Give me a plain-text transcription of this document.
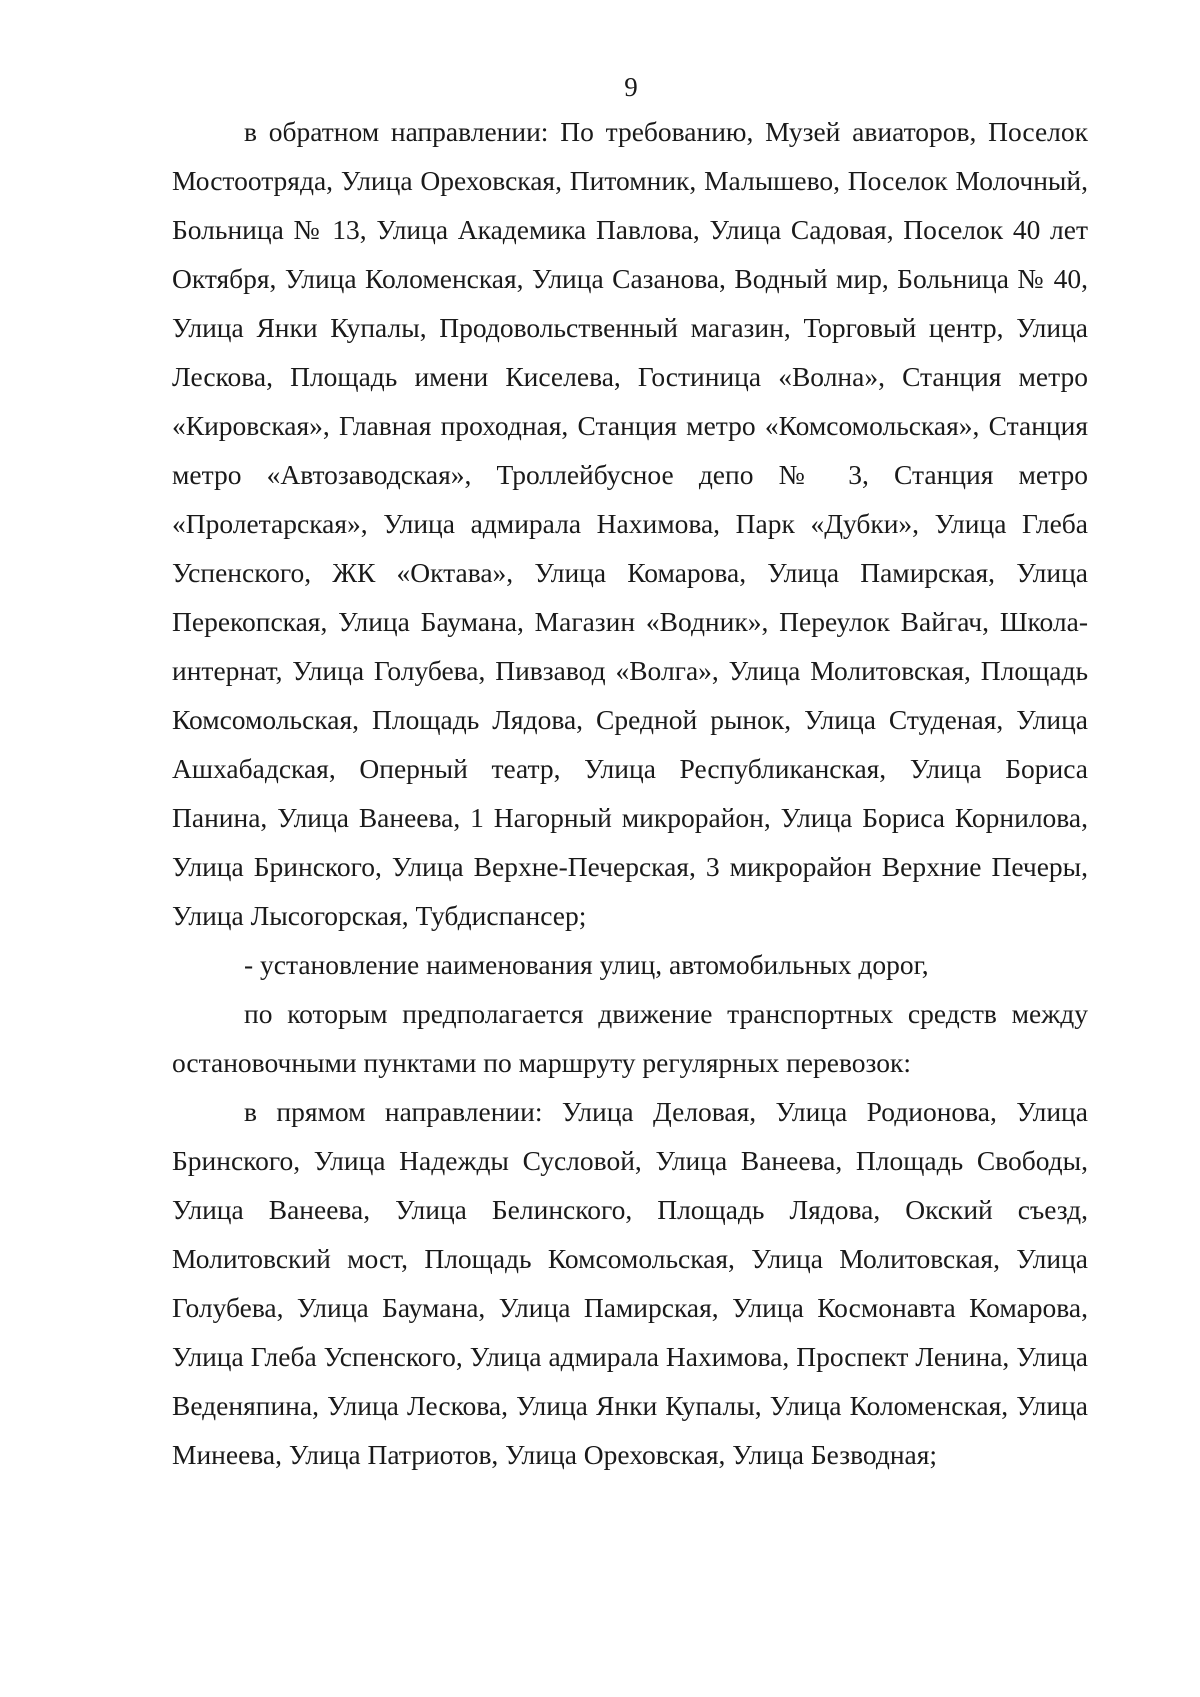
9

в обратном направлении: По требованию, Музей авиаторов, Поселок Мостоотряда, Улица Ореховская, Питомник, Малышево, Поселок Молочный, Больница № 13, Улица Академика Павлова, Улица Садовая, Поселок 40 лет Октября, Улица Коломенская, Улица Сазанова, Водный мир, Больница № 40, Улица Янки Купалы, Продовольственный магазин, Торговый центр, Улица Лескова, Площадь имени Киселева, Гостиница «Волна», Станция метро «Кировская», Главная проходная, Станция метро «Комсомольская», Станция метро «Автозаводская», Троллейбусное депо № 3, Станция метро «Пролетарская», Улица адмирала Нахимова, Парк «Дубки», Улица Глеба Успенского, ЖК «Октава», Улица Комарова, Улица Памирская, Улица Перекопская, Улица Баумана, Магазин «Водник», Переулок Вайгач, Школа-интернат, Улица Голубева, Пивзавод «Волга», Улица Молитовская, Площадь Комсомольская, Площадь Лядова, Средной рынок, Улица Студеная, Улица Ашхабадская, Оперный театр, Улица Республиканская, Улица Бориса Панина, Улица Ванеева, 1 Нагорный микрорайон, Улица Бориса Корнилова, Улица Бринского, Улица Верхне-Печерская, 3 микрорайон Верхние Печеры, Улица Лысогорская, Тубдиспансер;

- установление наименования улиц, автомобильных дорог,

по которым предполагается движение транспортных средств между остановочными пунктами по маршруту регулярных перевозок:

в прямом направлении: Улица Деловая, Улица Родионова, Улица Бринского, Улица Надежды Сусловой, Улица Ванеева, Площадь Свободы, Улица Ванеева, Улица Белинского, Площадь Лядова, Окский съезд, Молитовский мост, Площадь Комсомольская, Улица Молитовская, Улица Голубева, Улица Баумана, Улица Памирская, Улица Космонавта Комарова, Улица Глеба Успенского, Улица адмирала Нахимова, Проспект Ленина, Улица Веденяпина, Улица Лескова, Улица Янки Купалы, Улица Коломенская, Улица Минеева, Улица Патриотов, Улица Ореховская, Улица Безводная;
